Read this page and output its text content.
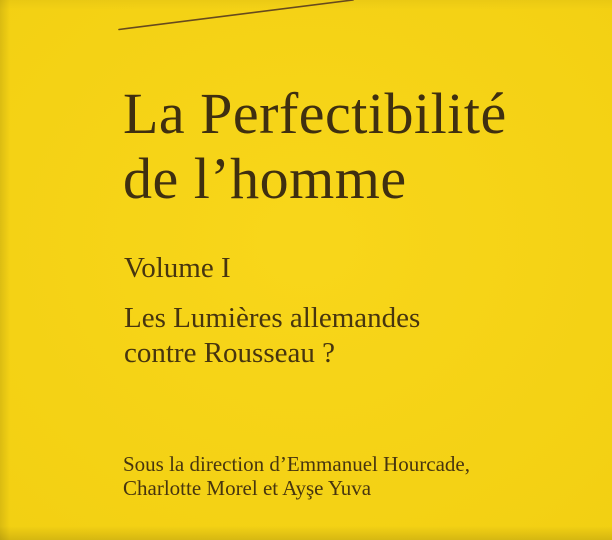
La Perfectibilité
de l’homme

Volume I

Les Lumières allemandes
contre Rousseau ?

Sous la direction d’Emmanuel Hourcade,
Charlotte Morel et Ayşe Yuva
